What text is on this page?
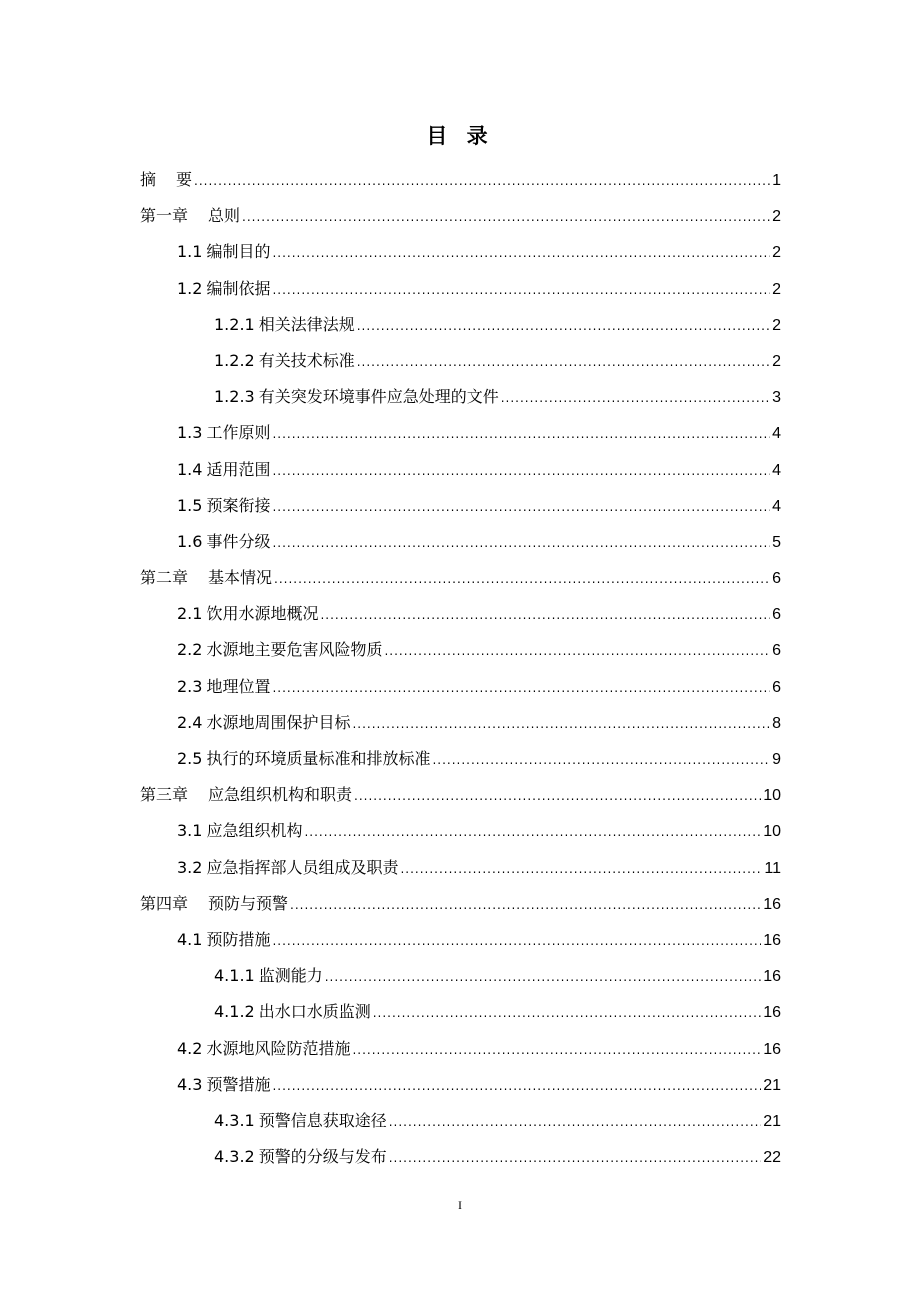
目 录
摘 要 .....	1
第一章 总则 .....	2
1.1 编制目的 .....	2
1.2 编制依据 .....	2
1.2.1 相关法律法规 .....	2
1.2.2 有关技术标准 .....	2
1.2.3 有关突发环境事件应急处理的文件 .....	3
1.3 工作原则 .....	4
1.4 适用范围 .....	4
1.5 预案衔接 .....	4
1.6 事件分级 .....	5
第二章 基本情况 .....	6
2.1 饮用水源地概况 .....	6
2.2 水源地主要危害风险物质 .....	6
2.3 地理位置 .....	6
2.4 水源地周围保护目标 .....	8
2.5 执行的环境质量标准和排放标准 .....	9
第三章 应急组织机构和职责 .....	10
3.1 应急组织机构 .....	10
3.2 应急指挥部人员组成及职责 .....	11
第四章 预防与预警 .....	16
4.1 预防措施 .....	16
4.1.1 监测能力 .....	16
4.1.2 出水口水质监测 .....	16
4.2 水源地风险防范措施 .....	16
4.3 预警措施 .....	21
4.3.1 预警信息获取途径 .....	21
4.3.2 预警的分级与发布 .....	22
I
